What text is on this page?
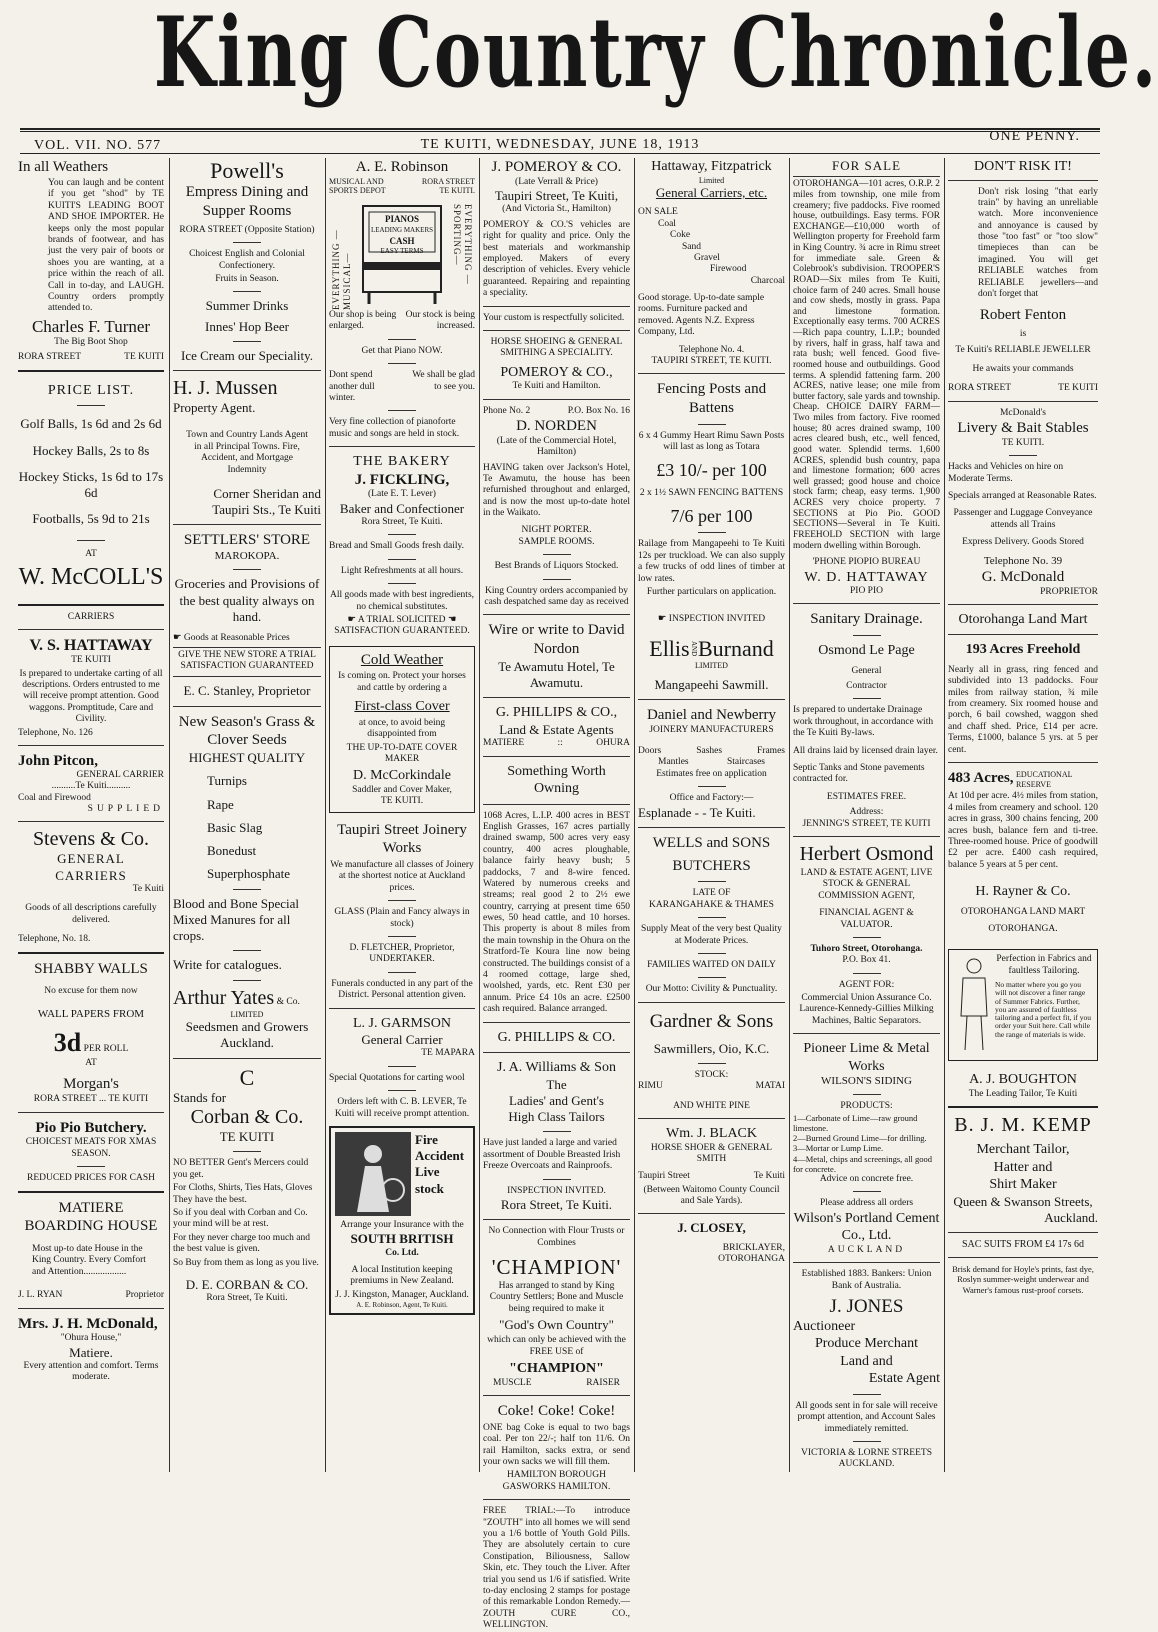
King Country Chronicle.
VOL. VII. NO. 577	TE KUITI, WEDNESDAY, JUNE 18, 1913
ONE PENNY.
In all Weathers

You can laugh and be content if you get "shod" by TE KUITI'S LEADING BOOT AND SHOE IMPORTER. He keeps only the most popular brands of footwear, and has just the very pair of boots or shoes you are wanting, at a price within the reach of all. Call in to-day, and LAUGH. Country orders promptly attended to.

Charles F. Turner
The Big Boot Shop
RORA STREET	TE KUITI
PRICE LIST.
Golf Balls, 1s 6d and 2s 6d
Hockey Balls, 2s to 8s
Hockey Sticks, 1s 6d to 17s 6d
Footballs, 5s 9d to 21s
AT
W. McCOLL'S
CARRIERS
V. S. HATTAWAY
TE KUITI

Is prepared to undertake carting of all descriptions. Orders entrusted to me will receive prompt attention. Good waggons. Promptitude, Care and Civility.

Telephone, No. 126
John Pitcon,
GENERAL CARRIER
..........Te Kuiti..........
Coal and Firewood
SUPPLIED
Stevens & Co.
GENERAL
CARRIERS
Te Kuiti

Goods of all descriptions carefully delivered.

Telephone, No. 18.
SHABBY WALLS
No excuse for them now
WALL PAPERS FROM
3d PER ROLL
AT
Morgan's
RORA STREET ... TE KUITI
Pio Pio Butchery.
CHOICEST MEATS FOR XMAS SEASON.
REDUCED PRICES FOR CASH
MATIERE
BOARDING HOUSE

Most up-to date House in the King Country. Every Comfort and Attention..................

J. L. RYAN	Proprietor
Mrs. J. H. McDonald,
"Ohura House,"
Matiere.
Every attention and comfort. Terms moderate.
Powell's
Empress Dining and
Supper Rooms
RORA STREET (Opposite Station)

Choicest English and Colonial Confectionery.

Fruits in Season.
Summer Drinks
Innes' Hop Beer
Ice Cream our Speciality.
H. J. Mussen
Property Agent.

Town and Country Lands Agent in all Principal Towns. Fire, Accident, and Mortgage Indemnity

Corner Sheridan and
Taupiri Sts., Te Kuiti
SETTLERS' STORE
MAROKOPA.

Groceries and Provisions of the best quality always on hand.

☛ Goods at Reasonable Prices
GIVE THE NEW STORE A TRIAL SATISFACTION GUARANTEED
E. C. Stanley, Proprietor
New Season's Grass & Clover Seeds
HIGHEST QUALITY
Turnips
Rape
Basic Slag
Bonedust
Superphosphate

Blood and Bone Special Mixed Manures for all crops.

Write for catalogues.
Arthur Yates & Co.
LIMITED
Seedsmen and Growers
Auckland.
C
Stands for
Corban & Co.
TE KUITI

NO BETTER Gent's Mercers could you get.

For Cloths, Shirts, Ties Hats, Gloves They have the best.

So if you deal with Corban and Co. your mind will be at rest.

For they never charge too much and the best value is given.

So Buy from them as long as you live.

D. E. CORBAN & CO.
Rora Street, Te Kuiti.
A. E. Robinson
MUSICAL AND SPORTS DEPOT
RORA STREET TE KUITI.
EVERYTHING —MUSICAL—	EVERYTHING —SPORTING—
PIANOS
LEADING MAKERS
CASH
EASY TERMS
Our shop is being enlarged.
Our stock is being increased.
Get that Piano NOW.
Dont spend another dull winter.
We shall be glad to see you.

Very fine collection of pianoforte music and songs are held in stock.

THE BAKERY
J. FICKLING,
(Late E. T. Lever)
Baker and Confectioner
Rora Street, Te Kuiti.
Bread and Small Goods fresh daily.
Light Refreshments at all hours.

All goods made with best ingredients, no chemical substitutes.

☛ A TRIAL SOLICITED ☚
SATISFACTION GUARANTEED.
Cold Weather

Is coming on. Protect your horses and cattle by ordering a

First-class Cover

at once, to avoid being disappointed from

THE UP-TO-DATE COVER MAKER

D. McCorkindale
Saddler and Cover Maker,
TE KUITI.
Taupiri Street Joinery Works

We manufacture all classes of Joinery at the shortest notice at Auckland prices.

GLASS (Plain and Fancy always in stock)

D. FLETCHER, Proprietor, UNDERTAKER.

Funerals conducted in any part of the District. Personal attention given.

L. J. GARMSON
General Carrier
TE MAPARA
Special Quotations for carting wool

Orders left with C. B. LEVER, Te Kuiti will receive prompt attention.

Fire
Accident
Live
stock
Arrange your Insurance with the
SOUTH BRITISH
Co. Ltd.

A local Institution keeping premiums in New Zealand.

J. J. Kingston, Manager, Auckland.
A. E. Robinson, Agent, Te Kuiti.
J. POMEROY & CO.
(Late Verrall & Price)
Taupiri Street, Te Kuiti,
(And Victoria St., Hamilton)

POMEROY & CO.'S vehicles are right for quality and price. Only the best materials and workmanship employed. Makers of every description of vehicles. Every vehicle guaranteed. Repairing and repainting a speciality.

Your custom is respectfully solicited.
HORSE SHOEING & GENERAL SMITHING A SPECIALITY.
POMEROY & CO.,
Te Kuiti and Hamilton.
Phone No. 2	P.O. Box No. 16
D. NORDEN
(Late of the Commercial Hotel, Hamilton)

HAVING taken over Jackson's Hotel, Te Awamutu, the house has been refurnished throughout and enlarged, and is now the most up-to-date hotel in the Waikato.

NIGHT PORTER.
SAMPLE ROOMS.
Best Brands of Liquors Stocked.

King Country orders accompanied by cash despatched same day as received

Wire or write to David Nordon
Te Awamutu Hotel, Te Awamutu.
G. PHILLIPS & CO.,
Land & Estate Agents
MATIERE	::	OHURA
Something Worth Owning

1068 Acres, L.I.P. 400 acres in BEST English Grasses, 167 acres partially drained swamp, 500 acres very easy country, 400 acres ploughable, balance fairly heavy bush; 5 paddocks, 7 and 8-wire fenced. Watered by numerous creeks and streams; real good 2 to 2½ ewe country, carrying at present time 650 ewes, 50 head cattle, and 10 horses. This property is about 8 miles from the main township in the Ohura on the Stratford-Te Koura line now being constructed. The buildings consist of a 4 roomed cottage, large shed, woolshed, yards, etc. Rent £30 per annum. Price £4 10s an acre. £2500 cash required. Balance arranged.

G. PHILLIPS & CO.
J. A. Williams & Son
The
Ladies' and Gent's
High Class Tailors

Have just landed a large and varied assortment of Double Breasted Irish Freeze Overcoats and Rainproofs.

INSPECTION INVITED.
Rora Street, Te Kuiti.
No Connection with Flour Trusts or Combines
'CHAMPION'

Has arranged to stand by King Country Settlers; Bone and Muscle being required to make it

"God's Own Country"

which can only be achieved with the FREE USE of

"CHAMPION"
MUSCLE	RAISER
Coke! Coke! Coke!

ONE bag Coke is equal to two bags coal. Per ton 22/-; half ton 11/6. On rail Hamilton, sacks extra, or send your own sacks we will fill them.

HAMILTON BOROUGH GASWORKS HAMILTON.

FREE TRIAL:—To introduce "ZOUTH" into all homes we will send you a 1/6 bottle of Youth Gold Pills. They are absolutely certain to cure Constipation, Biliousness, Sallow Skin, etc. They touch the Liver. After trial you send us 1/6 if satisfied. Write to-day enclosing 2 stamps for postage of this remarkable London Remedy.—ZOUTH CURE CO., WELLINGTON.

Hattaway, Fitzpatrick
Limited
General Carriers, etc.
ON SALE
Coal
Coke
Sand
Gravel
Firewood
Charcoal

Good storage. Up-to-date sample rooms. Furniture packed and removed. Agents N.Z. Express Company, Ltd.

Telephone No. 4.
TAUPIRI STREET, TE KUITI.
Fencing Posts and Battens

6 x 4 Gummy Heart Rimu Sawn Posts will last as long as Totara

£3 10/- per 100

2 x 1½ SAWN FENCING BATTENS

7/6 per 100

Railage from Mangapeehi to Te Kuiti 12s per truckload. We can also supply a few trucks of odd lines of timber at low rates.

Further particulars on application.
☛ INSPECTION INVITED
EllisANDBurnand
LIMITED
Mangapeehi Sawmill.
Daniel and Newberry
JOINERY MANUFACTURERS
Doors	Sashes	Frames
Mantles	Staircases
Estimates free on application
Office and Factory:—
Esplanade - - Te Kuiti.
WELLS and SONS
BUTCHERS
LATE OF
KARANGAHAKE & THAMES

Supply Meat of the very best Quality at Moderate Prices.

FAMILIES WAITED ON DAILY
Our Motto: Civility & Punctuality.
Gardner & Sons
Sawmillers, Oio, K.C.
STOCK:
RIMU	MATAI
AND WHITE PINE
Wm. J. BLACK
HORSE SHOER & GENERAL SMITH
Taupiri Street	Te Kuiti

(Between Waitomo County Council and Sale Yards).

J. CLOSEY,
BRICKLAYER,
OTOROHANGA
FOR SALE

OTOROHANGA—101 acres, O.R.P. 2 miles from township, one mile from creamery; five paddocks. Five roomed house, outbuildings. Easy terms. FOR EXCHANGE—£10,000 worth of Wellington property for Freehold farm in King Country. ¾ acre in Rimu street for immediate sale. Green & Colebrook's subdivision. TROOPER'S ROAD—Six miles from Te Kuiti, choice farm of 240 acres. Small house and cow sheds, mostly in grass. Papa and limestone formation. Exceptionally easy terms. 700 ACRES—Rich papa country, L.I.P.; bounded by rivers, half in grass, half tawa and rata bush; well fenced. Good five-roomed house and outbuildings. Good terms. A splendid fattening farm. 200 ACRES, native lease; one mile from butter factory, sale yards and township. Cheap. CHOICE DAIRY FARM—Two miles from factory. Five roomed house; 80 acres drained swamp, 100 acres cleared bush, etc., well fenced, good water. Splendid terms. 1,600 ACRES, splendid bush country, papa and limestone formation; 600 acres well grassed; good house and choice stock farm; cheap, easy terms. 1,900 ACRES very choice property. 7 SECTIONS at Pio Pio. GOOD SECTIONS—Several in Te Kuiti. FREEHOLD SECTION with large modern dwelling within Borough.

'PHONE PIOPIO BUREAU
W. D. HATTAWAY
PIO PIO
Sanitary Drainage.
Osmond Le Page
General
Contractor

Is prepared to undertake Drainage work throughout, in accordance with the Te Kuiti By-laws.

All drains laid by licensed drain layer.

Septic Tanks and Stone pavements contracted for.

ESTIMATES FREE.
Address:
JENNING'S STREET, TE KUITI
Herbert Osmond

LAND & ESTATE AGENT, LIVE STOCK & GENERAL COMMISSION AGENT,

FINANCIAL AGENT & VALUATOR.

Tuhoro Street, Otorohanga.
P.O. Box 41.
AGENT FOR:

Commercial Union Assurance Co. Laurence-Kennedy-Gillies Milking Machines, Baltic Separators.

Pioneer Lime & Metal Works
WILSON'S SIDING
PRODUCTS:
1—Carbonate of Lime—raw ground limestone.
2—Burned Ground Lime—for drilling.
3—Mortar or Lump Lime.
4—Metal, chips and screenings, all good for concrete.
Advice on concrete free.
Please address all orders
Wilson's Portland Cement Co., Ltd.
AUCKLAND

Established 1883. Bankers: Union Bank of Australia.

J. JONES
Auctioneer
Produce Merchant
Land and
Estate Agent

All goods sent in for sale will receive prompt attention, and Account Sales immediately remitted.

VICTORIA & LORNE STREETS
AUCKLAND.
DON'T RISK IT!

Don't risk losing "that early train" by having an unreliable watch. More inconvenience and annoyance is caused by those "too fast" or "too slow" timepieces than can be imagined. You will get RELIABLE watches from RELIABLE jewellers—and don't forget that

Robert Fenton
is
Te Kuiti's RELIABLE JEWELLER
He awaits your commands
RORA STREET	TE KUITI
McDonald's
Livery & Bait Stables
TE KUITI.

Hacks and Vehicles on hire on Moderate Terms.

Specials arranged at Reasonable Rates.

Passenger and Luggage Conveyance attends all Trains

Express Delivery. Goods Stored

Telephone No. 39
G. McDonald
PROPRIETOR
Otorohanga Land Mart
193 Acres Freehold

Nearly all in grass, ring fenced and subdivided into 13 paddocks. Four miles from railway station, ¾ mile from creamery. Six roomed house and porch, 6 bail cowshed, waggon shed and chaff shed. Price, £14 per acre. Terms, £1000, balance 5 yrs. at 5 per cent.

483 Acres, EDUCATIONAL RESERVE

At 10d per acre. 4½ miles from station, 4 miles from creamery and school. 120 acres in grass, 300 chains fencing, 200 acres bush, balance fern and ti-tree. Three-roomed house. Price of goodwill £2 per acre. £400 cash required, balance 5 years at 5 per cent.

H. Rayner & Co.
OTOROHANGA LAND MART
OTOROHANGA.
Perfection in Fabrics and faultless Tailoring.

No matter where you go you will not discover a finer range of Summer Fabrics. Further, you are assured of faultless tailoring and a perfect fit, if you order your Suit here. Call while the range of materials is wide.

A. J. BOUGHTON
The Leading Tailor, Te Kuiti
B. J. M. KEMP
Merchant Tailor,
Hatter and
Shirt Maker
Queen & Swanson Streets,
Auckland.
SAC SUITS FROM £4 17s 6d

Brisk demand for Hoyle's prints, fast dye, Roslyn summer-weight underwear and Warner's famous rust-proof corsets.
